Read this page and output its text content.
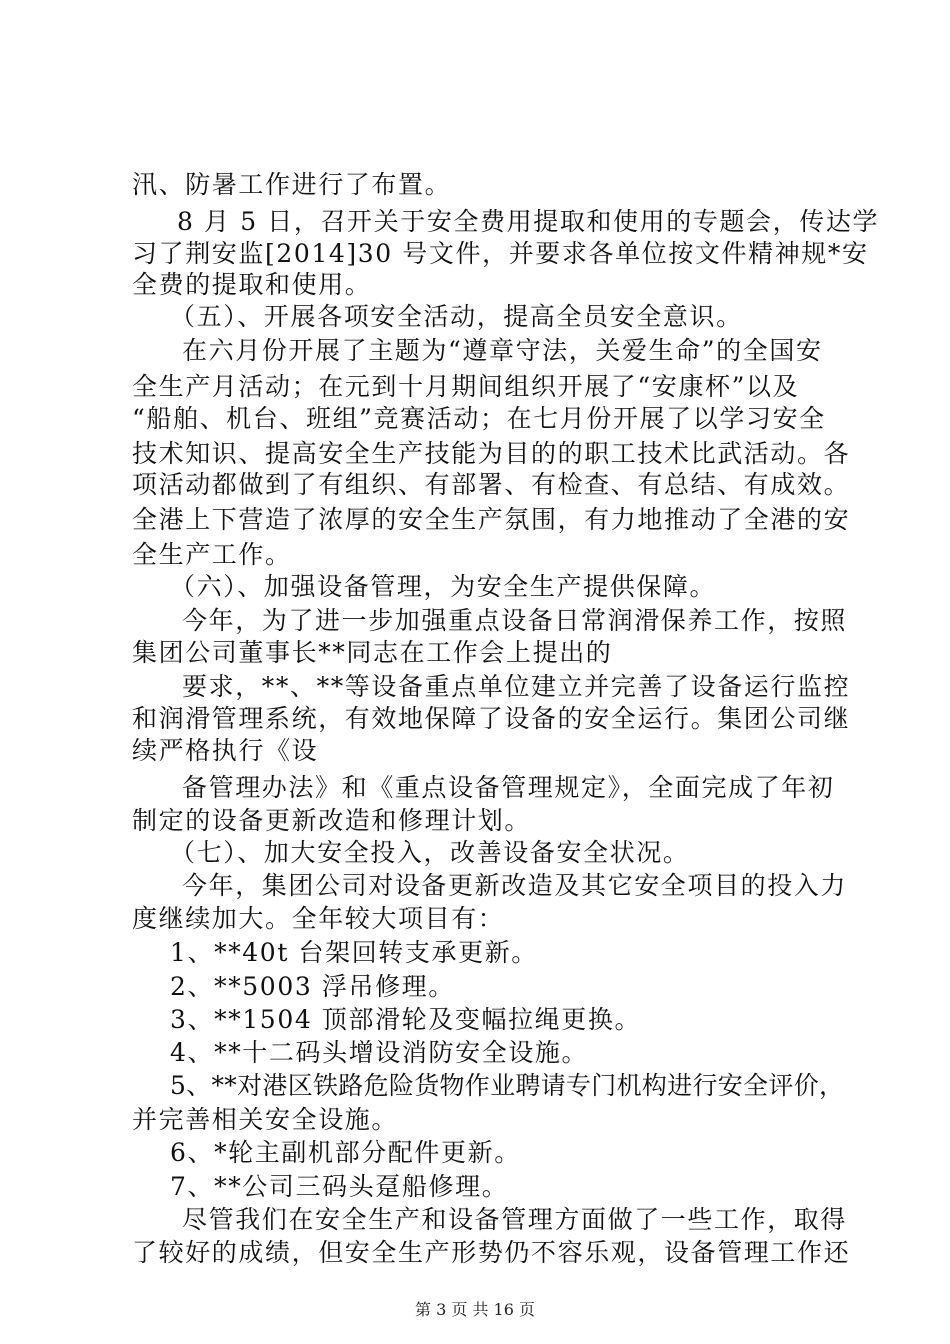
汛、防暑工作进行了布置。
8 月 5 日，召开关于安全费用提取和使用的专题会，传达学
习了荆安监[2014]30 号文件，并要求各单位按文件精神规*安
全费的提取和使用。
（五）、开展各项安全活动，提高全员安全意识。
在六月份开展了主题为“遵章守法，关爱生命”的全国安
全生产月活动；在元到十月期间组织开展了“安康杯”以及
“船舶、机台、班组”竞赛活动；在七月份开展了以学习安全
技术知识、提高安全生产技能为目的的职工技术比武活动。各
项活动都做到了有组织、有部署、有检查、有总结、有成效。
全港上下营造了浓厚的安全生产氛围，有力地推动了全港的安
全生产工作。
（六）、加强设备管理，为安全生产提供保障。
今年，为了进一步加强重点设备日常润滑保养工作，按照
集团公司董事长**同志在工作会上提出的
要求，**、**等设备重点单位建立并完善了设备运行监控
和润滑管理系统，有效地保障了设备的安全运行。集团公司继
续严格执行《设
备管理办法》和《重点设备管理规定》，全面完成了年初
制定的设备更新改造和修理计划。
（七）、加大安全投入，改善设备安全状况。
今年，集团公司对设备更新改造及其它安全项目的投入力
度继续加大。全年较大项目有：
1、**40t 台架回转支承更新。
2、**5003 浮吊修理。
3、**1504 顶部滑轮及变幅拉绳更换。
4、**十二码头增设消防安全设施。
5、**对港区铁路危险货物作业聘请专门机构进行安全评价，
并完善相关安全设施。
6、*轮主副机部分配件更新。
7、**公司三码头趸船修理。
尽管我们在安全生产和设备管理方面做了一些工作，取得
了较好的成绩，但安全生产形势仍不容乐观，设备管理工作还
第 3 页 共 16 页
